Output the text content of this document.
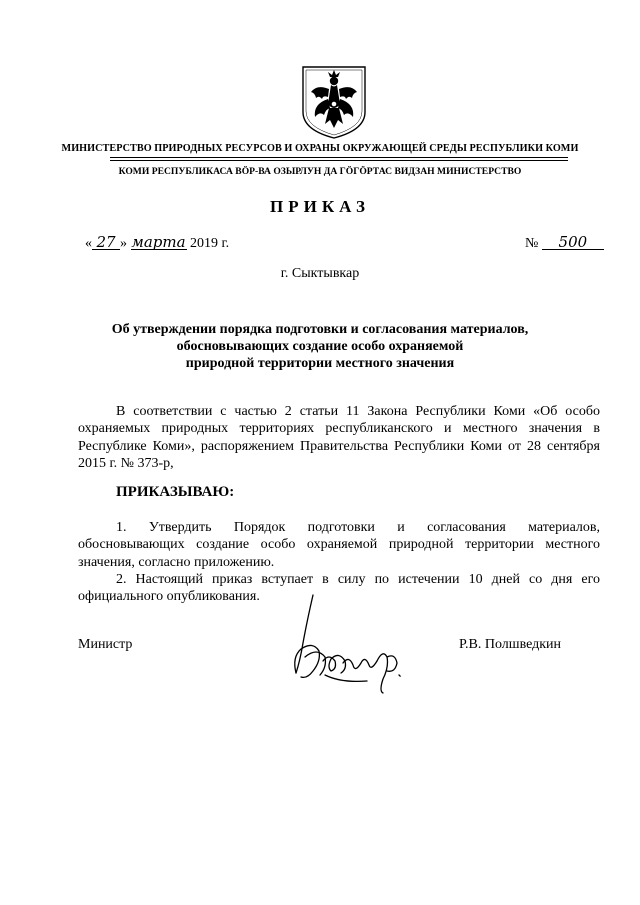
МИНИСТЕРСТВО ПРИРОДНЫХ РЕСУРСОВ И ОХРАНЫ ОКРУЖАЮЩЕЙ СРЕДЫ РЕСПУБЛИКИ КОМИ
КОМИ РЕСПУБЛИКАСА ВӦР-ВА ОЗЫРЛУН ДА ГӦГӦРТАС ВИДЗАН МИНИСТЕРСТВО
ПРИКАЗ
« 27 » марта 2019 г.	№ 500
г. Сыктывкар
Об утверждении порядка подготовки и согласования материалов,
обосновывающих создание особо охраняемой
природной территории местного значения
В соответствии с частью 2 статьи 11 Закона Республики Коми «Об особо
охраняемых природных территориях республиканского и местного значения в
Республике Коми», распоряжением Правительства Республики Коми от 28 сентября
2015 г. № 373-р,
ПРИКАЗЫВАЮ:
1. Утвердить Порядок подготовки и согласования материалов,
обосновывающих создание особо охраняемой природной территории местного
значения, согласно приложению.
2. Настоящий приказ вступает в силу по истечении 10 дней со дня его
официального опубликования.
Министр	Р.В. Полшведкин
